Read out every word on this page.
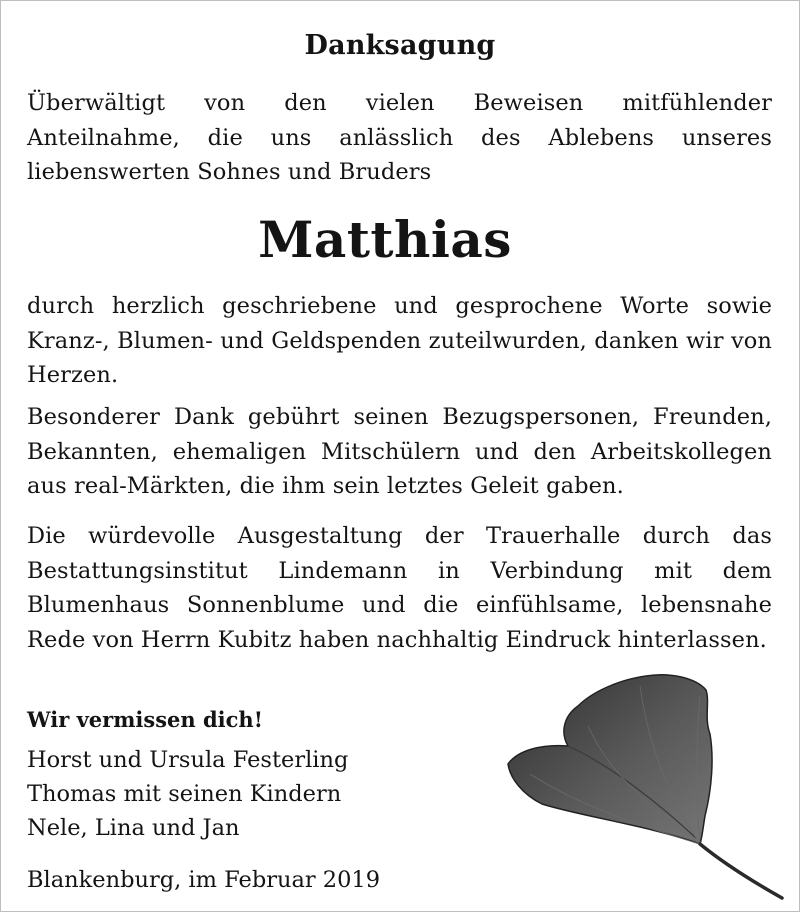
Danksagung
Überwältigt von den vielen Beweisen mitfühlender Anteilnahme, die uns anlässlich des Ablebens unseres liebenswerten Sohnes und Bruders
Matthias
durch herzlich geschriebene und gesprochene Worte sowie Kranz-, Blumen- und Geldspenden zuteilwurden, danken wir von Herzen.
Besonderer Dank gebührt seinen Bezugspersonen, Freunden, Bekannten, ehemaligen Mitschülern und den Arbeitskollegen aus real-Märkten, die ihm sein letztes Geleit gaben.
Die würdevolle Ausgestaltung der Trauerhalle durch das Bestattungsinstitut Lindemann in Verbindung mit dem Blumenhaus Sonnenblume und die einfühlsame, lebensnahe Rede von Herrn Kubitz haben nachhaltig Eindruck hinterlassen.
Wir vermissen dich!
Horst und Ursula Festerling
Thomas mit seinen Kindern
Nele, Lina und Jan
Blankenburg, im Februar 2019
